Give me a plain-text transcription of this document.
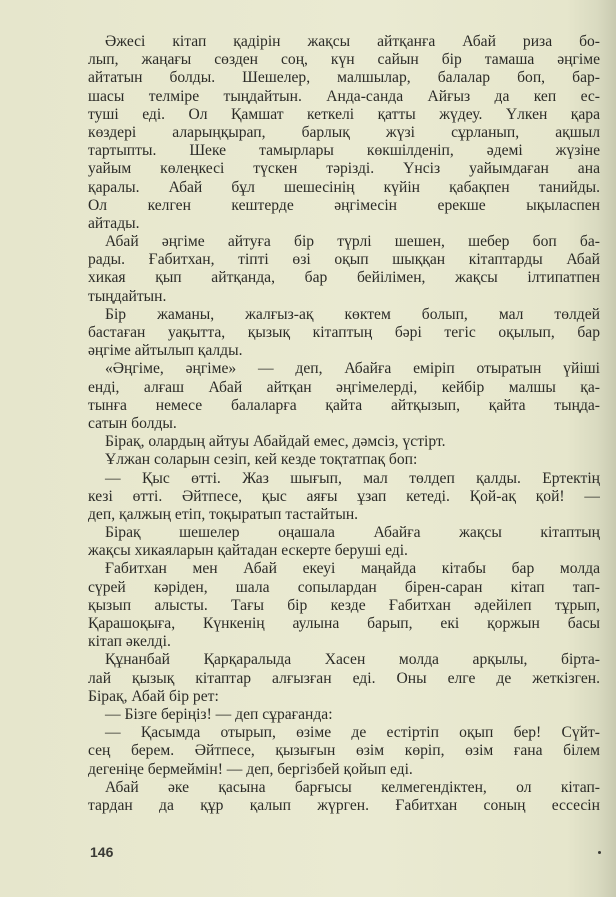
Әжесі кітап қадірін жақсы айтқанға Абай риза бо-
лып, жаңағы сөзден соң, күн сайын бір тамаша әңгіме
айтатын болды. Шешелер, малшылар, балалар боп, бар-
шасы телміре тыңдайтын. Анда-санда Айғыз да кеп ес-
туші еді. Ол Қамшат кеткелі қатты жүдеу. Үлкен қара
көздері аларыңқырап, барлық жүзі сұрланып, ақшыл
тартыпты. Шеке тамырлары көкшілденіп, әдемі жүзіне
уайым көлеңкесі түскен тәрізді. Үнсіз уайымдаған ана
қаралы. Абай бұл шешесінің күйін қабақпен танийды.
Ол келген кештерде әңгімесін ерекше ықыласпен
айтады.
Абай әңгіме айтуға бір түрлі шешен, шебер боп ба-
рады. Ғабитхан, тіпті өзі оқып шыққан кітаптарды Абай
хикая қып айтқанда, бар бейілімен, жақсы ілтипатпен
тыңдайтын.
Бір жаманы, жалғыз-ақ көктем болып, мал төлдей
бастаған уақытта, қызық кітаптың бәрі тегіс оқылып, бар
әңгіме айтылып қалды.
«Әңгіме, әңгіме» — деп, Абайға еміріп отыратын үйіші
енді, алғаш Абай айтқан әңгімелерді, кейбір малшы қа-
тынға немесе балаларға қайта айтқызып, қайта тыңда-
сатын болды.
Бірақ, олардың айтуы Абайдай емес, дәмсіз, үстірт.
Ұлжан соларын сезіп, кей кезде тоқтатпақ боп:
— Қыс өтті. Жаз шығып, мал төлдеп қалды. Ертектің
кезі өтті. Әйтпесе, қыс аяғы ұзап кетеді. Қой-ақ қой! —
деп, қалжың етіп, тоқыратып тастайтын.
Бірақ шешелер оңашала Абайға жақсы кітаптың
жақсы хикаяларын қайтадан ескерте беруші еді.
Ғабитхан мен Абай екеуі маңайда кітабы бар молда
сүрей кәріден, шала сопылардан бірен-саран кітап тап-
қызып алысты. Тағы бір кезде Ғабитхан әдейілеп тұрып,
Қарашоқыға, Күнкенің аулына барып, екі қоржын басы
кітап әкелді.
Құнанбай Қарқаралыда Хасен молда арқылы, бірта-
лай қызық кітаптар алғызған еді. Оны елге де жеткізген.
Бірақ, Абай бір рет:
— Бізге беріңіз! — деп сұрағанда:
— Қасымда отырып, өзіме де естіртіп оқып бер! Сүйт-
сең берем. Әйтпесе, қызығын өзім көріп, өзім ғана білем
дегеніңе бермеймін! — деп, бергізбей қойып еді.
Абай әке қасына барғысы келмегендіктен, ол кітап-
тардан да құр қалып жүрген. Ғабитхан соның ессесін
146
